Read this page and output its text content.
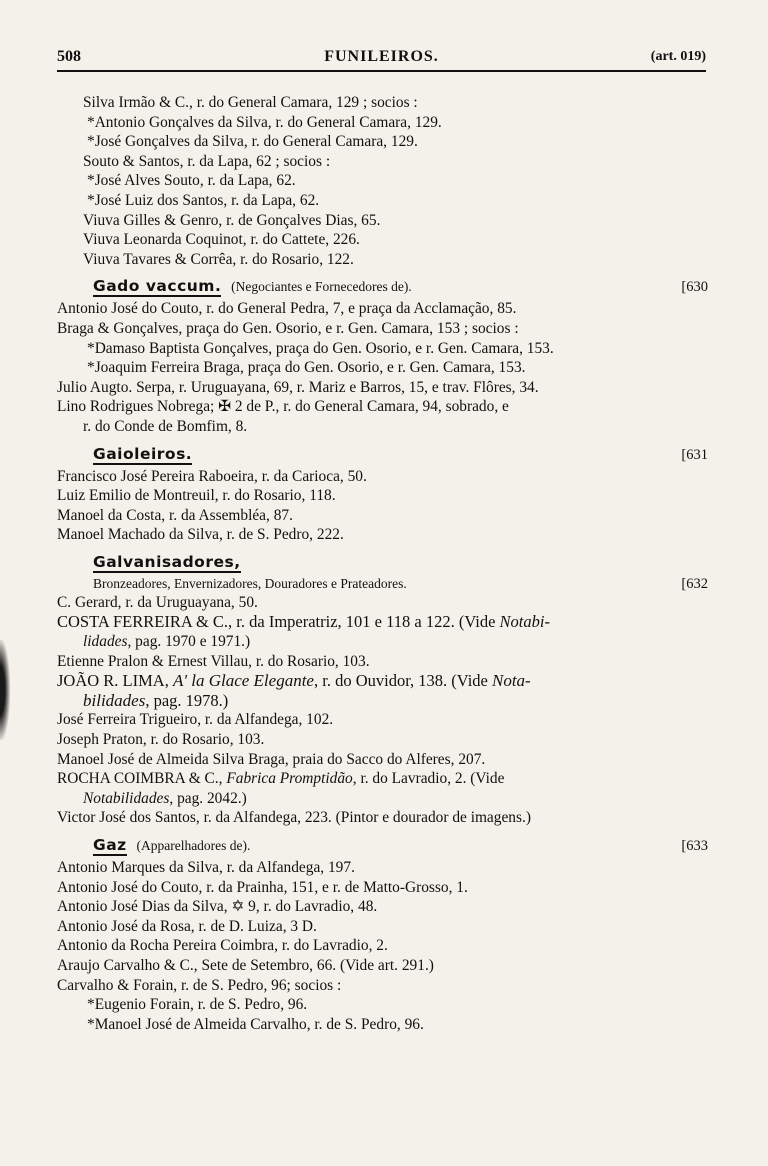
508	FUNILEIROS.	(art. 019)
Silva Irmão & C., r. do General Camara, 129 ; socios :
*Antonio Gonçalves da Silva, r. do General Camara, 129.
*José Gonçalves da Silva, r. do General Camara, 129.
Souto & Santos, r. da Lapa, 62 ; socios :
*José Alves Souto, r. da Lapa, 62.
*José Luiz dos Santos, r. da Lapa, 62.
Viuva Gilles & Genro, r. de Gonçalves Dias, 65.
Viuva Leonarda Coquinot, r. do Cattete, 226.
Viuva Tavares & Corrêa, r. do Rosario, 122.
Gado vaccum. (Negociantes e Fornecedores de).	[630
Antonio José do Couto, r. do General Pedra, 7, e praça da Acclamação, 85.
Braga & Gonçalves, praça do Gen. Osorio, e r. Gen. Camara, 153 ; socios :
*Damaso Baptista Gonçalves, praça do Gen. Osorio, e r. Gen. Camara, 153.
*Joaquim Ferreira Braga, praça do Gen. Osorio, e r. Gen. Camara, 153.
Julio Augto. Serpa, r. Uruguayana, 69, r. Mariz e Barros, 15, e trav. Flôres, 34.
Lino Rodrigues Nobrega; ✠ 2 de P., r. do General Camara, 94, sobrado, e
r. do Conde de Bomfim, 8.
Gaioleiros.	[631
Francisco José Pereira Raboeira, r. da Carioca, 50.
Luiz Emilio de Montreuil, r. do Rosario, 118.
Manoel da Costa, r. da Assembléa, 87.
Manoel Machado da Silva, r. de S. Pedro, 222.
Galvanisadores,
Bronzeadores, Envernizadores, Douradores e Prateadores.	[632
C. Gerard, r. da Uruguayana, 50.
COSTA FERREIRA & C., r. da Imperatriz, 101 e 118 a 122. (Vide Notabi-
lidades, pag. 1970 e 1971.)
Etienne Pralon & Ernest Villau, r. do Rosario, 103.
JOÃO R. LIMA, A' la Glace Elegante, r. do Ouvidor, 138. (Vide Nota-
bilidades, pag. 1978.)
José Ferreira Trigueiro, r. da Alfandega, 102.
Joseph Praton, r. do Rosario, 103.
Manoel José de Almeida Silva Braga, praia do Sacco do Alferes, 207.
ROCHA COIMBRA & C., Fabrica Promptidão, r. do Lavradio, 2. (Vide
Notabilidades, pag. 2042.)
Victor José dos Santos, r. da Alfandega, 223. (Pintor e dourador de imagens.)
Gaz (Apparelhadores de).	[633
Antonio Marques da Silva, r. da Alfandega, 197.
Antonio José do Couto, r. da Prainha, 151, e r. de Matto-Grosso, 1.
Antonio José Dias da Silva, ✡ 9, r. do Lavradio, 48.
Antonio José da Rosa, r. de D. Luiza, 3 D.
Antonio da Rocha Pereira Coimbra, r. do Lavradio, 2.
Araujo Carvalho & C., Sete de Setembro, 66. (Vide art. 291.)
Carvalho & Forain, r. de S. Pedro, 96; socios :
*Eugenio Forain, r. de S. Pedro, 96.
*Manoel José de Almeida Carvalho, r. de S. Pedro, 96.
